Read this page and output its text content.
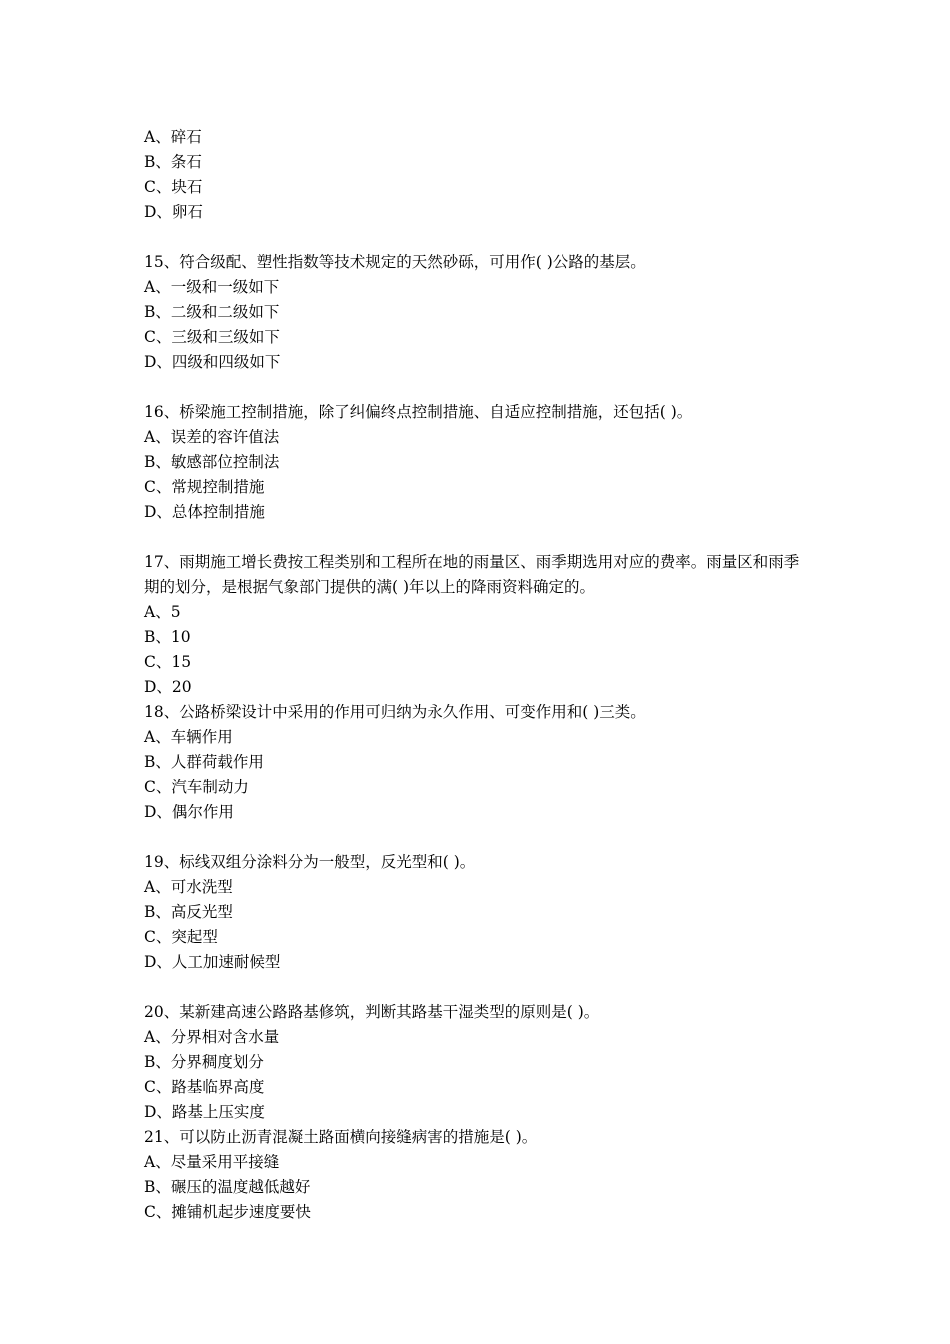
A、碎石
B、条石
C、块石
D、卵石
15、符合级配、塑性指数等技术规定的天然砂砾，可用作( )公路的基层。
A、一级和一级如下
B、二级和二级如下
C、三级和三级如下
D、四级和四级如下
16、桥梁施工控制措施，除了纠偏终点控制措施、自适应控制措施，还包括( )。
A、误差的容许值法
B、敏感部位控制法
C、常规控制措施
D、总体控制措施
17、雨期施工增长费按工程类别和工程所在地的雨量区、雨季期选用对应的费率。雨量区和雨季期的划分，是根据气象部门提供的满( )年以上的降雨资料确定的。
A、5
B、10
C、15
D、20
18、公路桥梁设计中采用的作用可归纳为永久作用、可变作用和( )三类。
A、车辆作用
B、人群荷载作用
C、汽车制动力
D、偶尔作用
19、标线双组分涂料分为一般型，反光型和( )。
A、可水洗型
B、高反光型
C、突起型
D、人工加速耐候型
20、某新建高速公路路基修筑，判断其路基干湿类型的原则是( )。
A、分界相对含水量
B、分界稠度划分
C、路基临界高度
D、路基上压实度
21、可以防止沥青混凝土路面横向接缝病害的措施是( )。
A、尽量采用平接缝
B、碾压的温度越低越好
C、摊铺机起步速度要快
